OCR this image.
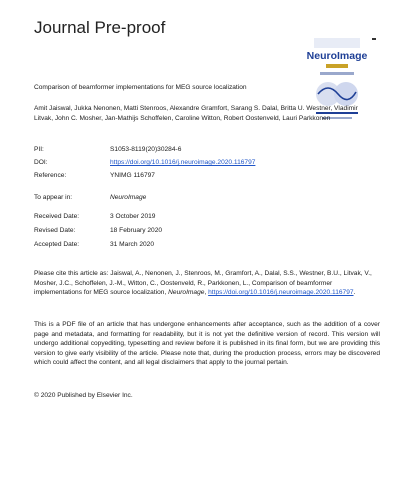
Journal Pre-proof
NeuroImage
Comparison of beamformer implementations for MEG source localization
Amit Jaiswal, Jukka Nenonen, Matti Stenroos, Alexandre Gramfort, Sarang S. Dalal, Britta U. Westner, Vladimir Litvak, John C. Mosher, Jan-Mathijs Schoffelen, Caroline Witton, Robert Oostenveld, Lauri Parkkonen
PII:	S1053-8119(20)30284-6
DOI:	https://doi.org/10.1016/j.neuroimage.2020.116797
Reference:	YNIMG 116797
To appear in:	NeuroImage
Received Date:	3 October 2019
Revised Date:	18 February 2020
Accepted Date:	31 March 2020
Please cite this article as: Jaiswal, A., Nenonen, J., Stenroos, M., Gramfort, A., Dalal, S.S., Westner, B.U., Litvak, V., Mosher, J.C., Schoffelen, J.-M., Witton, C., Oostenveld, R., Parkkonen, L., Comparison of beamformer implementations for MEG source localization, NeuroImage, https://doi.org/10.1016/j.neuroimage.2020.116797.
This is a PDF file of an article that has undergone enhancements after acceptance, such as the addition of a cover page and metadata, and formatting for readability, but it is not yet the definitive version of record. This version will undergo additional copyediting, typesetting and review before it is published in its final form, but we are providing this version to give early visibility of the article. Please note that, during the production process, errors may be discovered which could affect the content, and all legal disclaimers that apply to the journal pertain.
© 2020 Published by Elsevier Inc.
